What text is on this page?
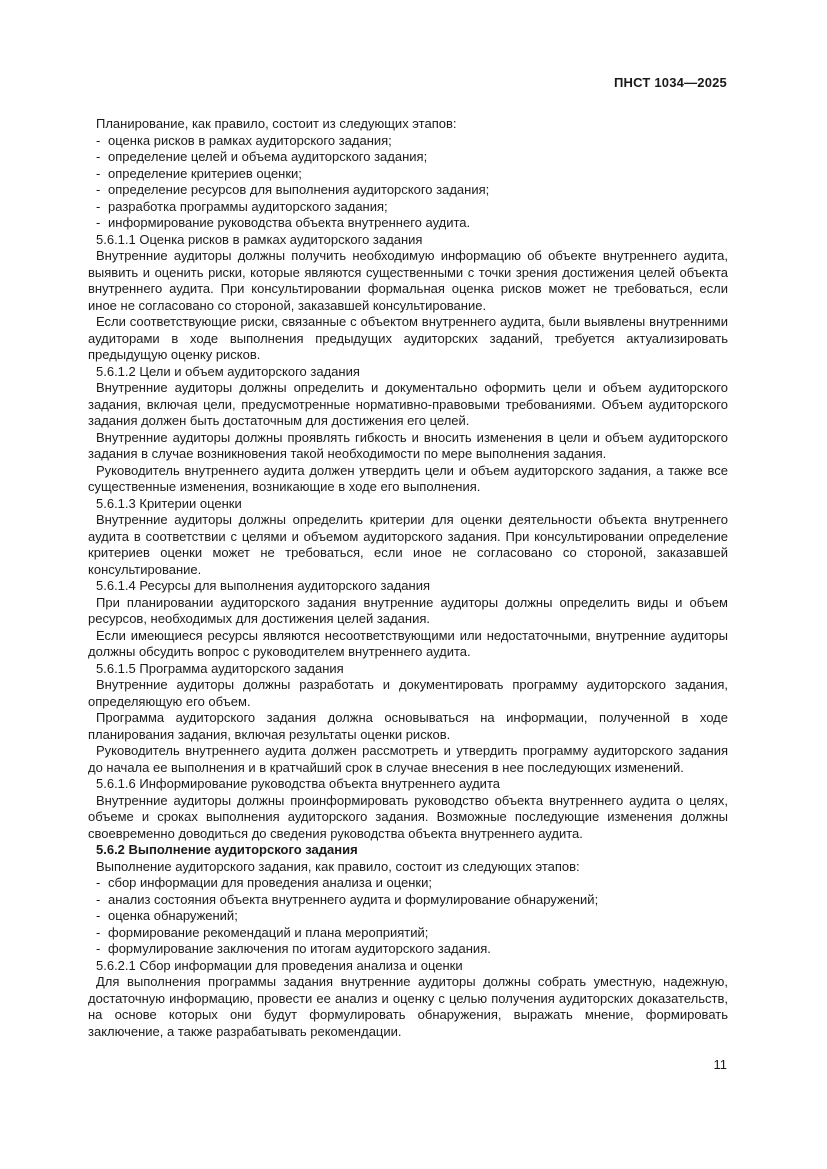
ПНСТ 1034—2025

Планирование, как правило, состоит из следующих этапов:

- оценка рисков в рамках аудиторского задания;

- определение целей и объема аудиторского задания;

- определение критериев оценки;

- определение ресурсов для выполнения аудиторского задания;

- разработка программы аудиторского задания;

- информирование руководства объекта внутреннего аудита.

5.6.1.1 Оценка рисков в рамках аудиторского задания

Внутренние аудиторы должны получить необходимую информацию об объекте внутреннего аудита, выявить и оценить риски, которые являются существенными с точки зрения достижения целей объекта внутреннего аудита. При консультировании формальная оценка рисков может не требоваться, если иное не согласовано со стороной, заказавшей консультирование.

Если соответствующие риски, связанные с объектом внутреннего аудита, были выявлены внутренними аудиторами в ходе выполнения предыдущих аудиторских заданий, требуется актуализировать предыдущую оценку рисков.

5.6.1.2 Цели и объем аудиторского задания

Внутренние аудиторы должны определить и документально оформить цели и объем аудиторского задания, включая цели, предусмотренные нормативно-правовыми требованиями. Объем аудиторского задания должен быть достаточным для достижения его целей.

Внутренние аудиторы должны проявлять гибкость и вносить изменения в цели и объем аудиторского задания в случае возникновения такой необходимости по мере выполнения задания.

Руководитель внутреннего аудита должен утвердить цели и объем аудиторского задания, а также все существенные изменения, возникающие в ходе его выполнения.

5.6.1.3 Критерии оценки

Внутренние аудиторы должны определить критерии для оценки деятельности объекта внутреннего аудита в соответствии с целями и объемом аудиторского задания. При консультировании определение критериев оценки может не требоваться, если иное не согласовано со стороной, заказавшей консультирование.

5.6.1.4 Ресурсы для выполнения аудиторского задания

При планировании аудиторского задания внутренние аудиторы должны определить виды и объем ресурсов, необходимых для достижения целей задания.

Если имеющиеся ресурсы являются несоответствующими или недостаточными, внутренние аудиторы должны обсудить вопрос с руководителем внутреннего аудита.

5.6.1.5 Программа аудиторского задания

Внутренние аудиторы должны разработать и документировать программу аудиторского задания, определяющую его объем.

Программа аудиторского задания должна основываться на информации, полученной в ходе планирования задания, включая результаты оценки рисков.

Руководитель внутреннего аудита должен рассмотреть и утвердить программу аудиторского задания до начала ее выполнения и в кратчайший срок в случае внесения в нее последующих изменений.

5.6.1.6 Информирование руководства объекта внутреннего аудита

Внутренние аудиторы должны проинформировать руководство объекта внутреннего аудита о целях, объеме и сроках выполнения аудиторского задания. Возможные последующие изменения должны своевременно доводиться до сведения руководства объекта внутреннего аудита.

5.6.2 Выполнение аудиторского задания

Выполнение аудиторского задания, как правило, состоит из следующих этапов:

- сбор информации для проведения анализа и оценки;

- анализ состояния объекта внутреннего аудита и формулирование обнаружений;

- оценка обнаружений;

- формирование рекомендаций и плана мероприятий;

- формулирование заключения по итогам аудиторского задания.

5.6.2.1 Сбор информации для проведения анализа и оценки

Для выполнения программы задания внутренние аудиторы должны собрать уместную, надежную, достаточную информацию, провести ее анализ и оценку с целью получения аудиторских доказательств, на основе которых они будут формулировать обнаружения, выражать мнение, формировать заключение, а также разрабатывать рекомендации.

11
